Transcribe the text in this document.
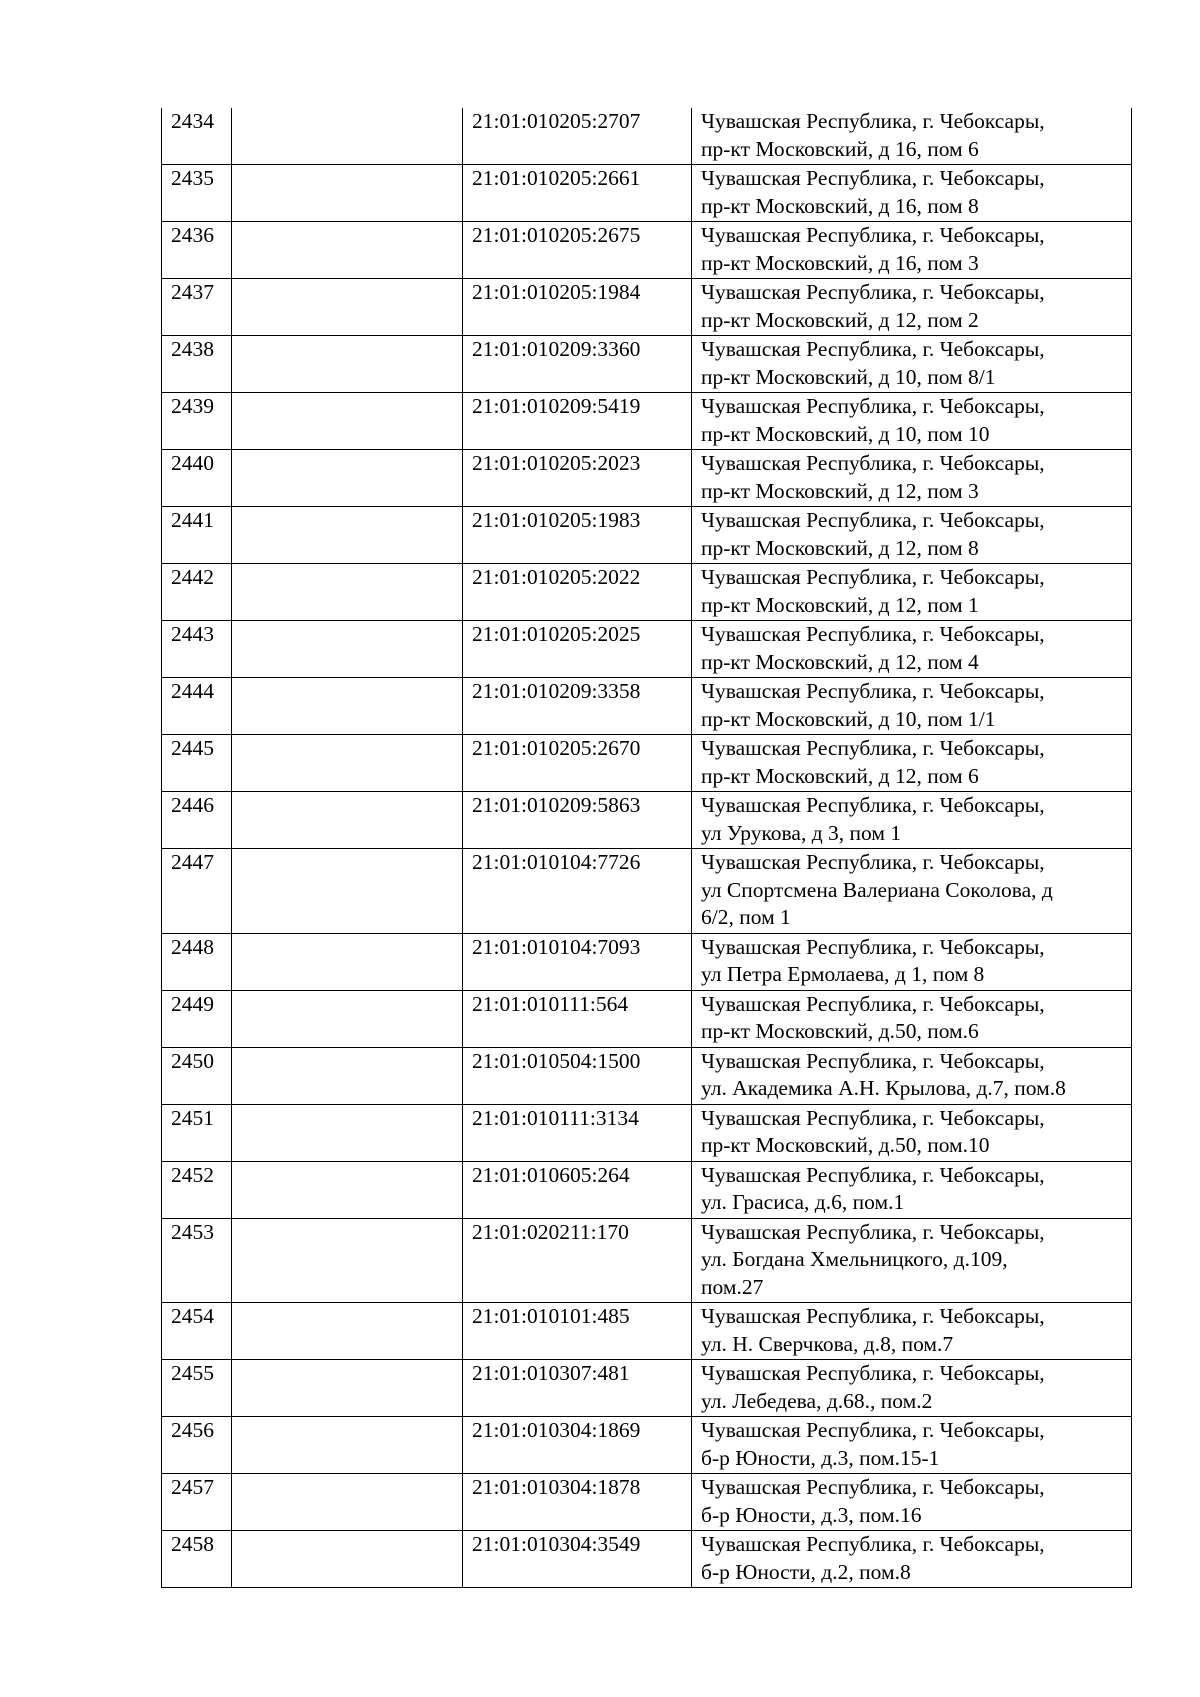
2434		21:01:010205:2707	Чувашская Республика, г. Чебоксары,
пр-кт Московский, д 16, пом 6

2435		21:01:010205:2661	Чувашская Республика, г. Чебоксары,
пр-кт Московский, д 16, пом 8

2436		21:01:010205:2675	Чувашская Республика, г. Чебоксары,
пр-кт Московский, д 16, пом 3

2437		21:01:010205:1984	Чувашская Республика, г. Чебоксары,
пр-кт Московский, д 12, пом 2

2438		21:01:010209:3360	Чувашская Республика, г. Чебоксары,
пр-кт Московский, д 10, пом 8/1

2439		21:01:010209:5419	Чувашская Республика, г. Чебоксары,
пр-кт Московский, д 10, пом 10

2440		21:01:010205:2023	Чувашская Республика, г. Чебоксары,
пр-кт Московский, д 12, пом 3

2441		21:01:010205:1983	Чувашская Республика, г. Чебоксары,
пр-кт Московский, д 12, пом 8

2442		21:01:010205:2022	Чувашская Республика, г. Чебоксары,
пр-кт Московский, д 12, пом 1

2443		21:01:010205:2025	Чувашская Республика, г. Чебоксары,
пр-кт Московский, д 12, пом 4

2444		21:01:010209:3358	Чувашская Республика, г. Чебоксары,
пр-кт Московский, д 10, пом 1/1

2445		21:01:010205:2670	Чувашская Республика, г. Чебоксары,
пр-кт Московский, д 12, пом 6

2446		21:01:010209:5863	Чувашская Республика, г. Чебоксары,
ул Урукова, д 3, пом 1

2447		21:01:010104:7726	Чувашская Республика, г. Чебоксары,
ул Спортсмена Валериана Соколова, д
6/2, пом 1

2448		21:01:010104:7093	Чувашская Республика, г. Чебоксары,
ул Петра Ермолаева, д 1, пом 8

2449		21:01:010111:564	Чувашская Республика, г. Чебоксары,
пр-кт Московский, д.50, пом.6

2450		21:01:010504:1500	Чувашская Республика, г. Чебоксары,
ул. Академика А.Н. Крылова, д.7, пом.8

2451		21:01:010111:3134	Чувашская Республика, г. Чебоксары,
пр-кт Московский, д.50, пом.10

2452		21:01:010605:264	Чувашская Республика, г. Чебоксары,
ул. Грасиса, д.6, пом.1

2453		21:01:020211:170	Чувашская Республика, г. Чебоксары,
ул. Богдана Хмельницкого, д.109,
пом.27

2454		21:01:010101:485	Чувашская Республика, г. Чебоксары,
ул. Н. Сверчкова, д.8, пом.7

2455		21:01:010307:481	Чувашская Республика, г. Чебоксары,
ул. Лебедева, д.68., пом.2

2456		21:01:010304:1869	Чувашская Республика, г. Чебоксары,
б-р Юности, д.3, пом.15-1

2457		21:01:010304:1878	Чувашская Республика, г. Чебоксары,
б-р Юности, д.3, пом.16

2458		21:01:010304:3549	Чувашская Республика, г. Чебоксары,
б-р Юности, д.2, пом.8
